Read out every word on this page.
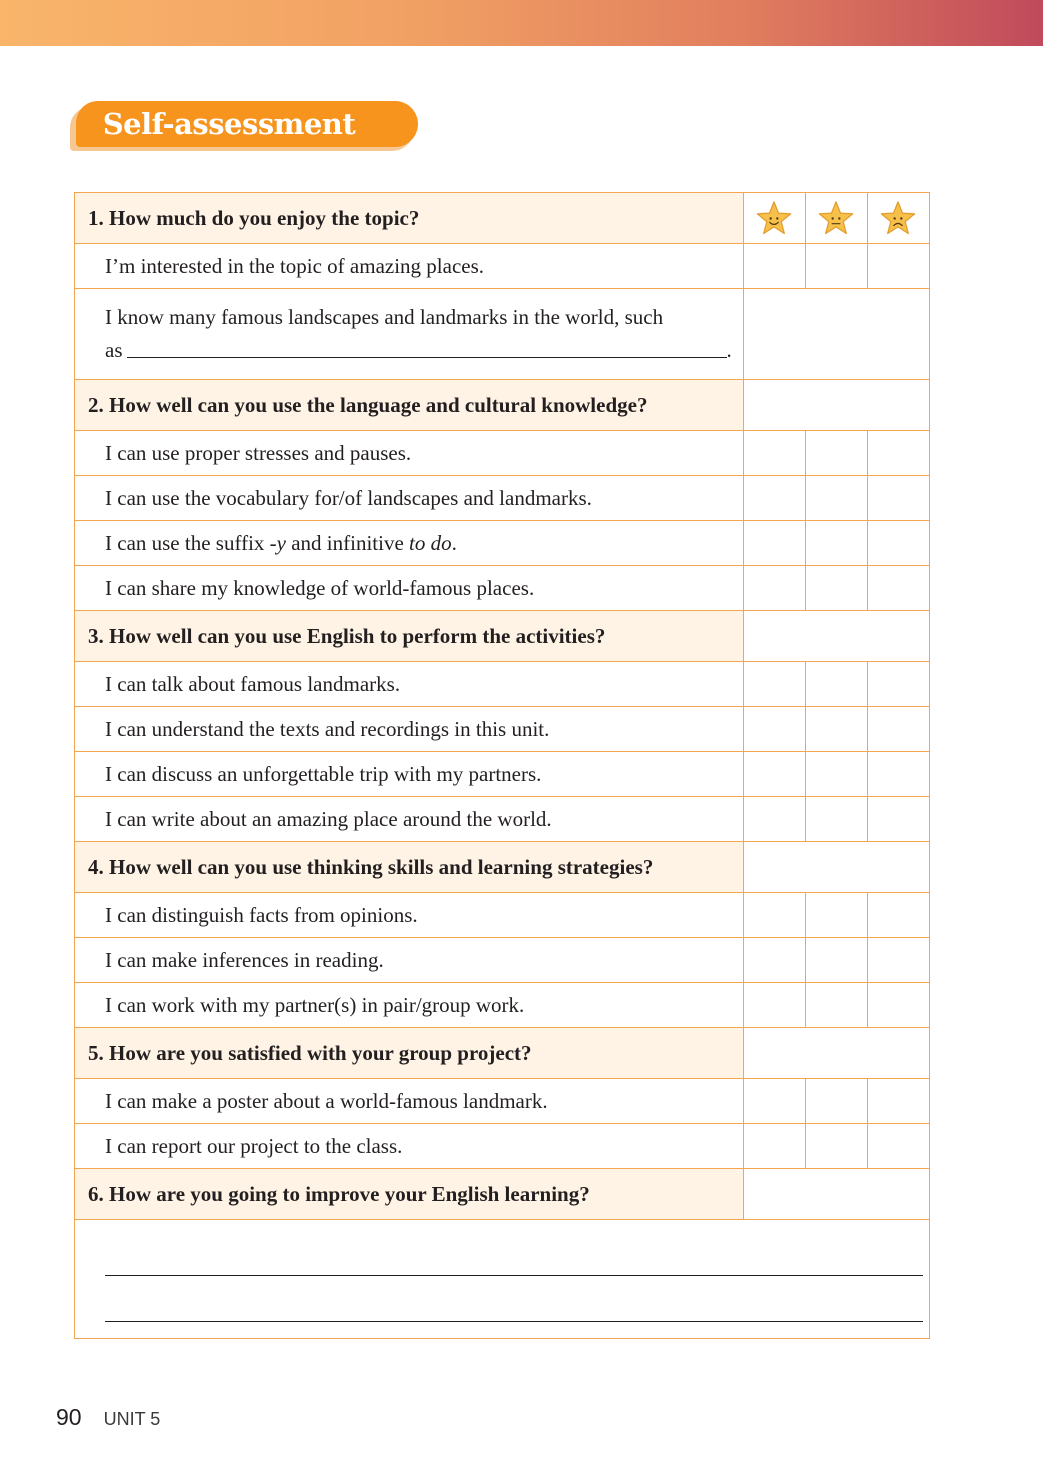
Self-assessment
1. How much do you enjoy the topic?	

I’m interested in the topic of amazing places.			
I know many famous landscapes and landmarks in the world, such
as .			
2. How well can you use the language and cultural knowledge?			
I can use proper stresses and pauses.			
I can use the vocabulary for/of landscapes and landmarks.			
I can use the suffix -y and infinitive to do.			
I can share my knowledge of world-famous places.			
3. How well can you use English to perform the activities?			
I can talk about famous landmarks.			
I can understand the texts and recordings in this unit.			
I can discuss an unforgettable trip with my partners.			
I can write about an amazing place around the world.			
4. How well can you use thinking skills and learning strategies?			
I can distinguish facts from opinions.			
I can make inferences in reading.			
I can work with my partner(s) in pair/group work.			
5. How are you satisfied with your group project?			
I can make a poster about a world-famous landmark.			
I can report our project to the class.			
6. How are you going to improve your English learning?			

90 UNIT 5
